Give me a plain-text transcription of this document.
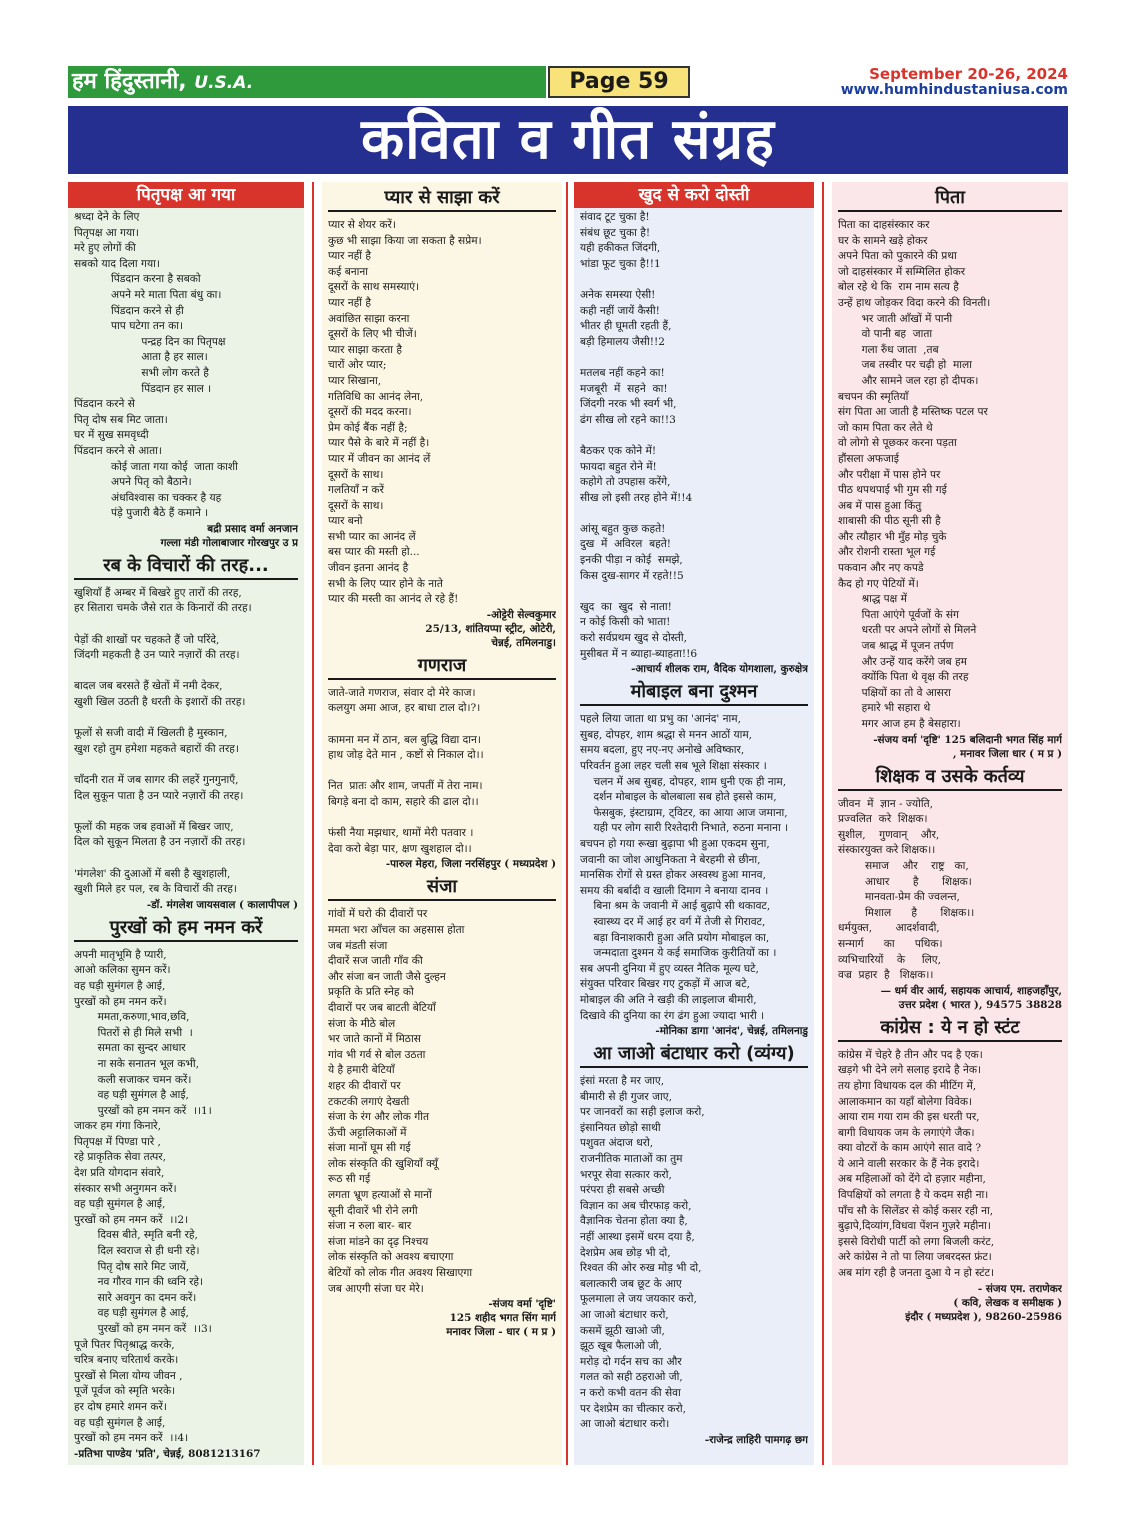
हम हिंदुस्तानी, U.S.A.	Page 59	September 20-26, 2024
www.humhindustaniusa.com
कविता व गीत संग्रह
पितृपक्ष आ गया
श्रध्दा देने के लिए
पितृपक्ष आ गया।
मरे हुए लोगों की
सबको याद दिला गया।
पिंडदान करना है सबको
अपने मरे माता पिता बंधु का।
पिंडदान करने से ही
पाप घटेगा तन का।
पन्द्रह दिन का पितृपक्ष
आता है हर साल।
सभी लोग करते है
पिंडदान हर साल ।
पिंडदान करने से
पितृ दोष सब मिट जाता।
घर में सुख समवृध्दी
पिंडदान करने से आता।
कोई जाता गया कोई  जाता काशी
अपने पितृ को बैठाने।
अंधविश्वास का चक्कर है यह
पंड़े पुजारी बैठे हैं कमाने ।
बद्री प्रसाद वर्मा अनजान
गल्ला मंडी गोलाबाजार गोरखपुर उ प्र
रब के विचारों की तरह...
खुशियाँ हैं अम्बर में बिखरे हुए तारों की तरह,
हर सितारा चमके जैसे रात के किनारों की तरह।
पेड़ों की शाखों पर चहकते हैं जो परिंदे,
जिंदगी महकती है उन प्यारे नज़ारों की तरह।
बादल जब बरसते हैं खेतों में नमी देकर,
खुशी खिल उठती है धरती के इशारों की तरह।
फूलों से सजी वादी में खिलती है मुस्कान,
खुश रहो तुम हमेशा महकते बहारों की तरह।
चाँदनी रात में जब सागर की लहरें गुनगुनाएँ,
दिल सुकून पाता है उन प्यारे नज़ारों की तरह।
फूलों की महक जब हवाओं में बिखर जाए,
दिल को सुकून मिलता है उन नज़ारों की तरह।
'मंगलेश' की दुआओं में बसी है खुशहाली,
खुशी मिले हर पल, रब के विचारों की तरह।
-डॉ. मंगलेश जायसवाल ( कालापीपल )
पुरखों को हम नमन करें
अपनी मातृभूमि है प्यारी,
आओ कलिका सुमन करें।
वह घड़ी सुमंगल है आई,
पुरखों को हम नमन करें।
ममता,करुणा,भाव,छवि,
पितरों से ही मिले सभी  ।
समता का सुन्दर आधार
ना सके सनातन भूल कभी,
कली सजाकर चमन करें।
वह घड़ी सुमंगल है आई,
पुरखों को हम नमन करें  ।।1।
जाकर हम गंगा किनारे,
पितृपक्ष में पिण्डा पारे ,
रहे प्राकृतिक सेवा तत्पर,
देश प्रति योगदान संवारे,
संस्कार सभी अनुगमन करें।
वह घड़ी सुमंगल है आई,
पुरखों को हम नमन करें  ।।2।
दिवस बीते, स्मृति बनी रहे,
दिल स्वराज से ही धनी रहे।
पितृ दोष सारे मिट जायें,
नव गौरव गान की ध्वनि रहे।
सारे अवगुन का दमन करें।
वह घड़ी सुमंगल है आई,
पुरखों को हम नमन करें  ।।3।
पूजे पितर पितृश्राद्ध करके,
चरित्र बनाए चरितार्थ करके।
पुरखों से मिला योग्य जीवन ,
पूजें पूर्वज को स्मृति भरके।
हर दोष हमारे शमन करें।
वह घड़ी सुमंगल है आई,
पुरखों को हम नमन करें  ।।4।
-प्रतिभा पाण्डेय 'प्रति', चेन्नई, 8081213167
प्यार से साझा करें
प्यार से शेयर करें।
कुछ भी साझा किया जा सकता है सप्रेम।
प्यार नहीं है
कई बनाना
दूसरों के साथ समस्याएं।
प्यार नहीं है
अवांछित साझा करना
दूसरों के लिए भी चीजें।
प्यार साझा करता है
चारों ओर प्यार;
प्यार सिखाना,
गतिविधि का आनंद लेना,
दूसरों की मदद करना।
प्रेम कोई बैंक नहीं है;
प्यार पैसे के बारे में नहीं है।
प्यार में जीवन का आनंद लें
दूसरों के साथ।
गलतियाँ न करें
दूसरों के साथ।
प्यार बनो
सभी प्यार का आनंद लें
बस प्यार की मस्ती हो...
जीवन इतना आनंद है
सभी के लिए प्यार होने के नाते
प्यार की मस्ती का आनंद ले रहे हैं!
-ओट्टेरी सेल्वकुमार
25/13, शांतियप्पा स्ट्रीट, ओटेरी,
चेन्नई, तमिलनाडु।
गणराज
जाते-जाते गणराज, संवार दो मेरे काज।
कलयुग अमा आज, हर बाधा टाल दो।?।
कामना मन में ठान, बल बुद्धि विद्या दान।
हाथ जोड़ देते मान , कष्टों से निकाल दो।।
नित  प्रातः और शाम, जपतीं में तेरा नाम।
बिगड़े बना दो काम, सहारे की ढाल दो।।
फंसी नैया मझधार, थामों मेरी पतवार ।
देवा करो बेड़ा पार, क्षण खुशहाल दो।।
-पारुल मेहरा, जिला नरसिंहपुर ( मध्यप्रदेश )
संजा
गांवों में घरो की दीवारों पर
ममता भरा आँचल का अहसास होता
जब मंडती संजा
दीवारें सज जाती गाँव की
और संजा बन जाती जैसे दुल्हन
प्रकृति के प्रति स्नेह को
दीवारों पर जब बाटती बेटियाँ
संजा के मीठे बोल
भर जाते कानों में मिठास
गांव भी गर्व से बोल उठता
ये है हमारी बेटियाँ
शहर की दीवारों पर
टकटकी लगाएं देखती
संजा के रंग और लोक गीत
ऊँची अट्टालिकाओं में
संजा मानों घूम सी गई
लोक संस्कृति की खुशियाँ क्यूँ
रूठ सी गई
लगता भ्रूण हत्याओं से मानों
सूनी दीवारें भी रोने लगी
संजा न रुला बार- बार
संजा मांडने का दृढ़ निश्चय
लोक संस्कृति को अवश्य बचाएगा
बेटियों को लोक गीत अवश्य सिखाएगा
जब आएगी संजा घर मेरे।
-संजय वर्मा 'दृष्टि'
125 शहीद भगत सिंग मार्ग
मनावर जिला - धार ( म प्र )
खुद से करो दोस्ती
संवाद टूट चुका है!
संबंध छूट चुका है!
यही हकीकत जिंदगी,
भांडा फूट चुका है!!1
अनेक समस्या ऐसी!
कही नहीं जायें कैसी!
भीतर ही घूमती रहती हैं,
बड़ी हिमालय जैसी!!2
मतलब नहीं कहने का!
मजबूरी  में  सहने  का!
जिंदगी नरक भी स्वर्ग भी,
ढंग सीख लो रहने का!!3
बैठकर एक कोने में!
फायदा बहुत रोने में!
कहोगे तो उपहास करेंगे,
सीख लो इसी तरह होने में!!4
आंसू बहुत कुछ कहते!
दुख  में  अविरल  बहते!
इनकी पीड़ा न कोई  समझे,
किस दुख-सागर में रहते!!5
खुद  का  खुद  से नाता!
न कोई किसी को भाता!
करो सर्वप्रथम खुद से दोस्ती,
मुसीबत में न ब्याहा-ब्याहता!!6
-आचार्य शीलक राम, वैदिक योगशाला, कुरुक्षेत्र
मोबाइल बना दुश्मन
पहले लिया जाता था प्रभु का 'आनंद' नाम,
सुबह, दोपहर, शाम श्रद्धा से मनन आठों याम,
समय बदला, हुए नए-नए अनोखे अविष्कार,
परिवर्तन हुआ लहर चली सब भूले शिक्षा संस्कार ।
चलन में अब सुबह, दोपहर, शाम धुनी एक ही नाम,
दर्शन मोबाइल के बोलबाला सब होते इससे काम,
फेसबुक, इंस्टाग्राम, ट्विटर, का आया आज जमाना,
यही पर लोग सारी रिश्तेदारी निभाते, रुठना मनाना ।
बचपन हो गया रूखा बुढ़ापा भी हुआ एकदम सुना,
जवानी का जोश आधुनिकता ने बेरहमी से छीना,
मानसिक रोगों से ग्रस्त होकर अस्वस्थ हुआ मानव,
समय की बर्बादी व खाली दिमाग ने बनाया दानव ।
बिना श्रम के जवानी में आई बुढ़ापे सी थकावट,
स्वास्थ्य दर में आई हर वर्ग में तेजी से गिरावट,
बड़ा विनाशकारी हुआ अति प्रयोग मोबाइल का,
जन्मदाता दुश्मन ये कई समाजिक कुरीतियों का ।
सब अपनी दुनिया में हुए व्यस्त नैतिक मूल्य घटे,
संयुक्त परिवार बिखर गए टुकड़ों में आज बटे,
मोबाइल की अति ने खड़ी की लाइलाज बीमारी,
दिखावे की दुनिया का रंग ढंग हुआ ज्यादा भारी ।
-मोनिका डागा 'आनंद', चेन्नई, तमिलनाडु
आ जाओ बंटाधार करो (व्यंग्य)
इंसां मरता है मर जाए,
बीमारी से ही गुजर जाए,
पर जानवरों का सही इलाज करो,
इंसानियत छोड़ो साथी
पशुवत अंदाज धरो,
राजनीतिक माताओं का तुम
भरपूर सेवा सत्कार करो,
परंपरा ही सबसे अच्छी
विज्ञान का अब चीरफाड़ करो,
वैज्ञानिक चेतना होता क्या है,
नहीं आस्था इसमें धरम दया है,
देशप्रेम अब छोड़ भी दो,
रिश्वत की ओर रुख मोड़ भी दो,
बलात्कारी जब छूट के आए
फूलमाला ले जय जयकार करो,
आ जाओ बंटाधार करो,
कसमें झूठी खाओ जी,
झूठ खूब फैलाओ जी,
मरोड़ दो गर्दन सच का और
गलत को सही ठहराओ जी,
न करो कभी वतन की सेवा
पर देशप्रेम का चीत्कार करो,
आ जाओ बंटाधार करो।
-राजेन्द्र लाहिरी पामगढ़ छग
पिता
पिता का दाहसंस्कार कर
घर के सामने खड़े होकर
अपने पिता को पुकारने की प्रथा
जो दाहसंस्कार में सम्मिलित होकर
बोल रहे थे कि  राम नाम सत्य है
उन्हें हाथ जोड़कर विदा करने की विनती।
भर जाती आँखों में पानी
वो पानी बह  जाता
गला रुँध जाता  ,तब
जब तस्वीर पर चढ़ी हो  माला
और सामने जल रहा हो दीपक।
बचपन की स्मृतियाँ
संग पिता आ जाती है मस्तिष्क पटल पर
जो काम पिता कर लेते थे
वो लोगो से पूछकर करना पड़ता
हौंसला अफजाई
और परीक्षा में पास होने पर
पीठ थपथपाई भी गुम सी गई
अब में पास हुआ किंतु
शाबासी की पीठ सूनी सी है
और त्यौहार भी मुँह मोड़ चुके
और रोशनी रास्ता भूल गई
पकवान और नए कपडे
कैद हो गए पेटियों में।
श्राद्ध पक्ष में
पिता आएंगे पूर्वजों के संग
धरती पर अपने लोगों से मिलने
जब श्राद्ध में पूजन तर्पण
और उन्हें याद करेंगे जब हम
क्योंकि पिता थे वृक्ष की तरह
पक्षियों का तो वे आसरा
हमारे भी सहारा थे
मगर आज हम है बेसहारा।
-संजय वर्मा 'दृष्टि' 125 बलिदानी भगत सिंह मार्ग
, मनावर जिला धार ( म प्र )
शिक्षक व उसके कर्तव्य
जीवन  में  ज्ञान - ज्योति,
प्रज्वलित  करे  शिक्षक।
सुशील,    गुणवान्    और,
संस्कारयुक्त करे शिक्षक।।
समाज    और    राष्ट्र   का,
आधार       है       शिक्षक।
मानवता-प्रेम की ज्वलन्त,
मिशाल      है       शिक्षक।।
धर्मयुक्त,       आदर्शवादी,
सन्मार्ग      का      पथिक।
व्यभिचारियों    के     लिए,
वज्र  प्रहार  है   शिक्षक।।
— धर्म वीर आर्य, सहायक आचार्य, शाहजहाँपुर,
उत्तर प्रदेश ( भारत ), 94575 38828
कांग्रेस : ये न हो स्टंट
कांग्रेस में चेहरे है तीन और पद है एक।
खड़गे भी देने लगे सलाह इरादे है नेक।
तय होगा विधायक दल की मीटिंग में,
आलाकमान का यहाँ बोलेगा विवेक।
आया राम गया राम की इस धरती पर,
बागी विधायक जम के लगाएंगे जैक।
क्या वोटरों के काम आएंगे सात वादे ?
ये आने वाली सरकार के हैं नेक इरादे।
अब महिलाओं को देंगे दो हज़ार महीना,
विपक्षियों को लगता है ये कदम सही ना।
पाँच सौ के सिलेंडर से कोई कसर रही ना,
बुढ़ापे,दिव्यांग,विधवा पेंशन गुज़रे महीना।
इससे विरोधी पार्टी को लगा बिजली करंट,
अरे कांग्रेस ने तो पा लिया जबरदस्त फ्रंट।
अब मांग रही है जनता दुआ ये न हो स्टंट।
- संजय एम. तराणेकर
( कवि, लेखक व समीक्षक )
इंदौर ( मध्यप्रदेश ), 98260-25986
